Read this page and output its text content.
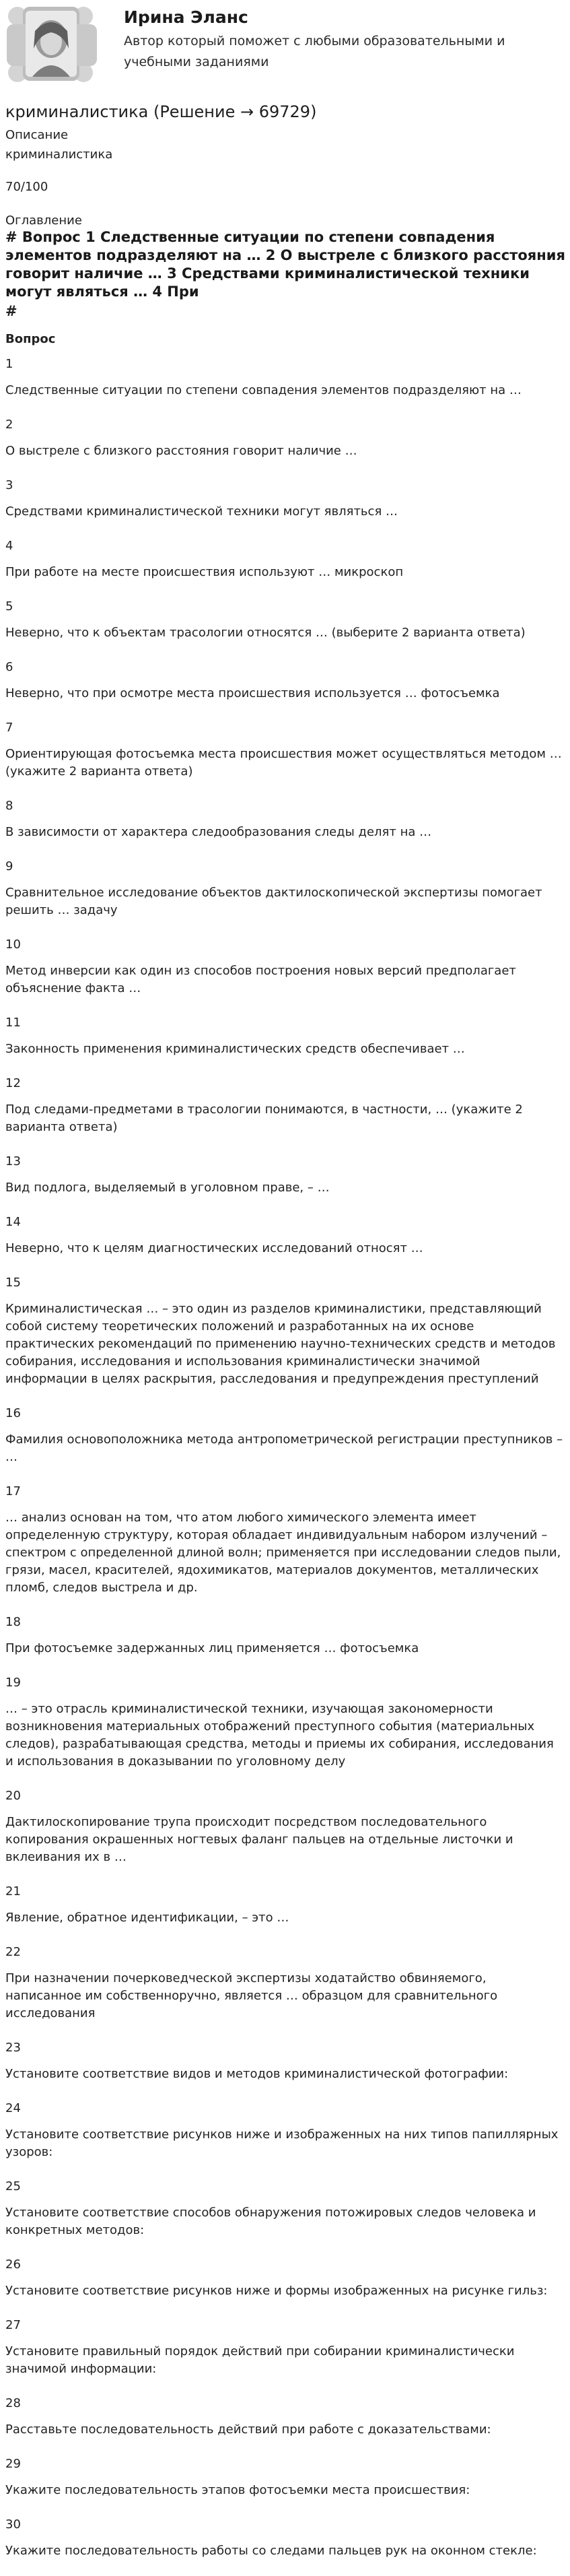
Ирина Эланс
Автор который поможет с любыми образовательными и учебными заданиями
криминалистика (Решение → 69729)
Описание
криминалистика
70/100
Оглавление
# Вопрос 1 Следственные ситуации по степени совпадения элементов подразделяют на … 2 О выстреле с близкого расстояния говорит наличие … 3 Средствами криминалистической техники могут являться … 4 При
#
Вопрос
1
Следственные ситуации по степени совпадения элементов подразделяют на …
2
О выстреле с близкого расстояния говорит наличие …
3
Средствами криминалистической техники могут являться …
4
При работе на месте происшествия используют … микроскоп
5
Неверно, что к объектам трасологии относятся … (выберите 2 варианта ответа)
6
Неверно, что при осмотре места происшествия используется … фотосъемка
7
Ориентирующая фотосъемка места происшествия может осуществляться методом … (укажите 2 варианта ответа)
8
В зависимости от характера следообразования следы делят на …
9
Сравнительное исследование объектов дактилоскопической экспертизы помогает решить … задачу
10
Метод инверсии как один из способов построения новых версий предполагает объяснение факта …
11
Законность применения криминалистических средств обеспечивает …
12
Под следами-предметами в трасологии понимаются, в частности, … (укажите 2 варианта ответа)
13
Вид подлога, выделяемый в уголовном праве, – …
14
Неверно, что к целям диагностических исследований относят …
15
Криминалистическая … – это один из разделов криминалистики, представляющий собой систему теоретических положений и разработанных на их основе практических рекомендаций по применению научно-технических средств и методов собирания, исследования и использования криминалистически значимой информации в целях раскрытия, расследования и предупреждения преступлений
16
Фамилия основоположника метода антропометрической регистрации преступников – …
17
… анализ основан на том, что атом любого химического элемента имеет определенную структуру, которая обладает индивидуальным набором излучений – спектром с определенной длиной волн; применяется при исследовании следов пыли, грязи, масел, красителей, ядохимикатов, материалов документов, металлических пломб, следов выстрела и др.
18
При фотосъемке задержанных лиц применяется … фотосъемка
19
… – это отрасль криминалистической техники, изучающая закономерности возникновения материальных отображений преступного события (материальных следов), разрабатывающая средства, методы и приемы их собирания, исследования и использования в доказывании по уголовному делу
20
Дактилоскопирование трупа происходит посредством последовательного копирования окрашенных ногтевых фаланг пальцев на отдельные листочки и вклеивания их в …
21
Явление, обратное идентификации, – это …
22
При назначении почерковедческой экспертизы ходатайство обвиняемого, написанное им собственноручно, является … образцом для сравнительного исследования
23
Установите соответствие видов и методов криминалистической фотографии:
24
Установите соответствие рисунков ниже и изображенных на них типов папиллярных узоров:
25
Установите соответствие способов обнаружения потожировых следов человека и конкретных методов:
26
Установите соответствие рисунков ниже и формы изображенных на рисунке гильз:
27
Установите правильный порядок действий при собирании криминалистически значимой информации:
28
Расставьте последовательность действий при работе с доказательствами:
29
Укажите последовательность этапов фотосъемки места происшествия:
30
Укажите последовательность работы со следами пальцев рук на оконном стекле:
